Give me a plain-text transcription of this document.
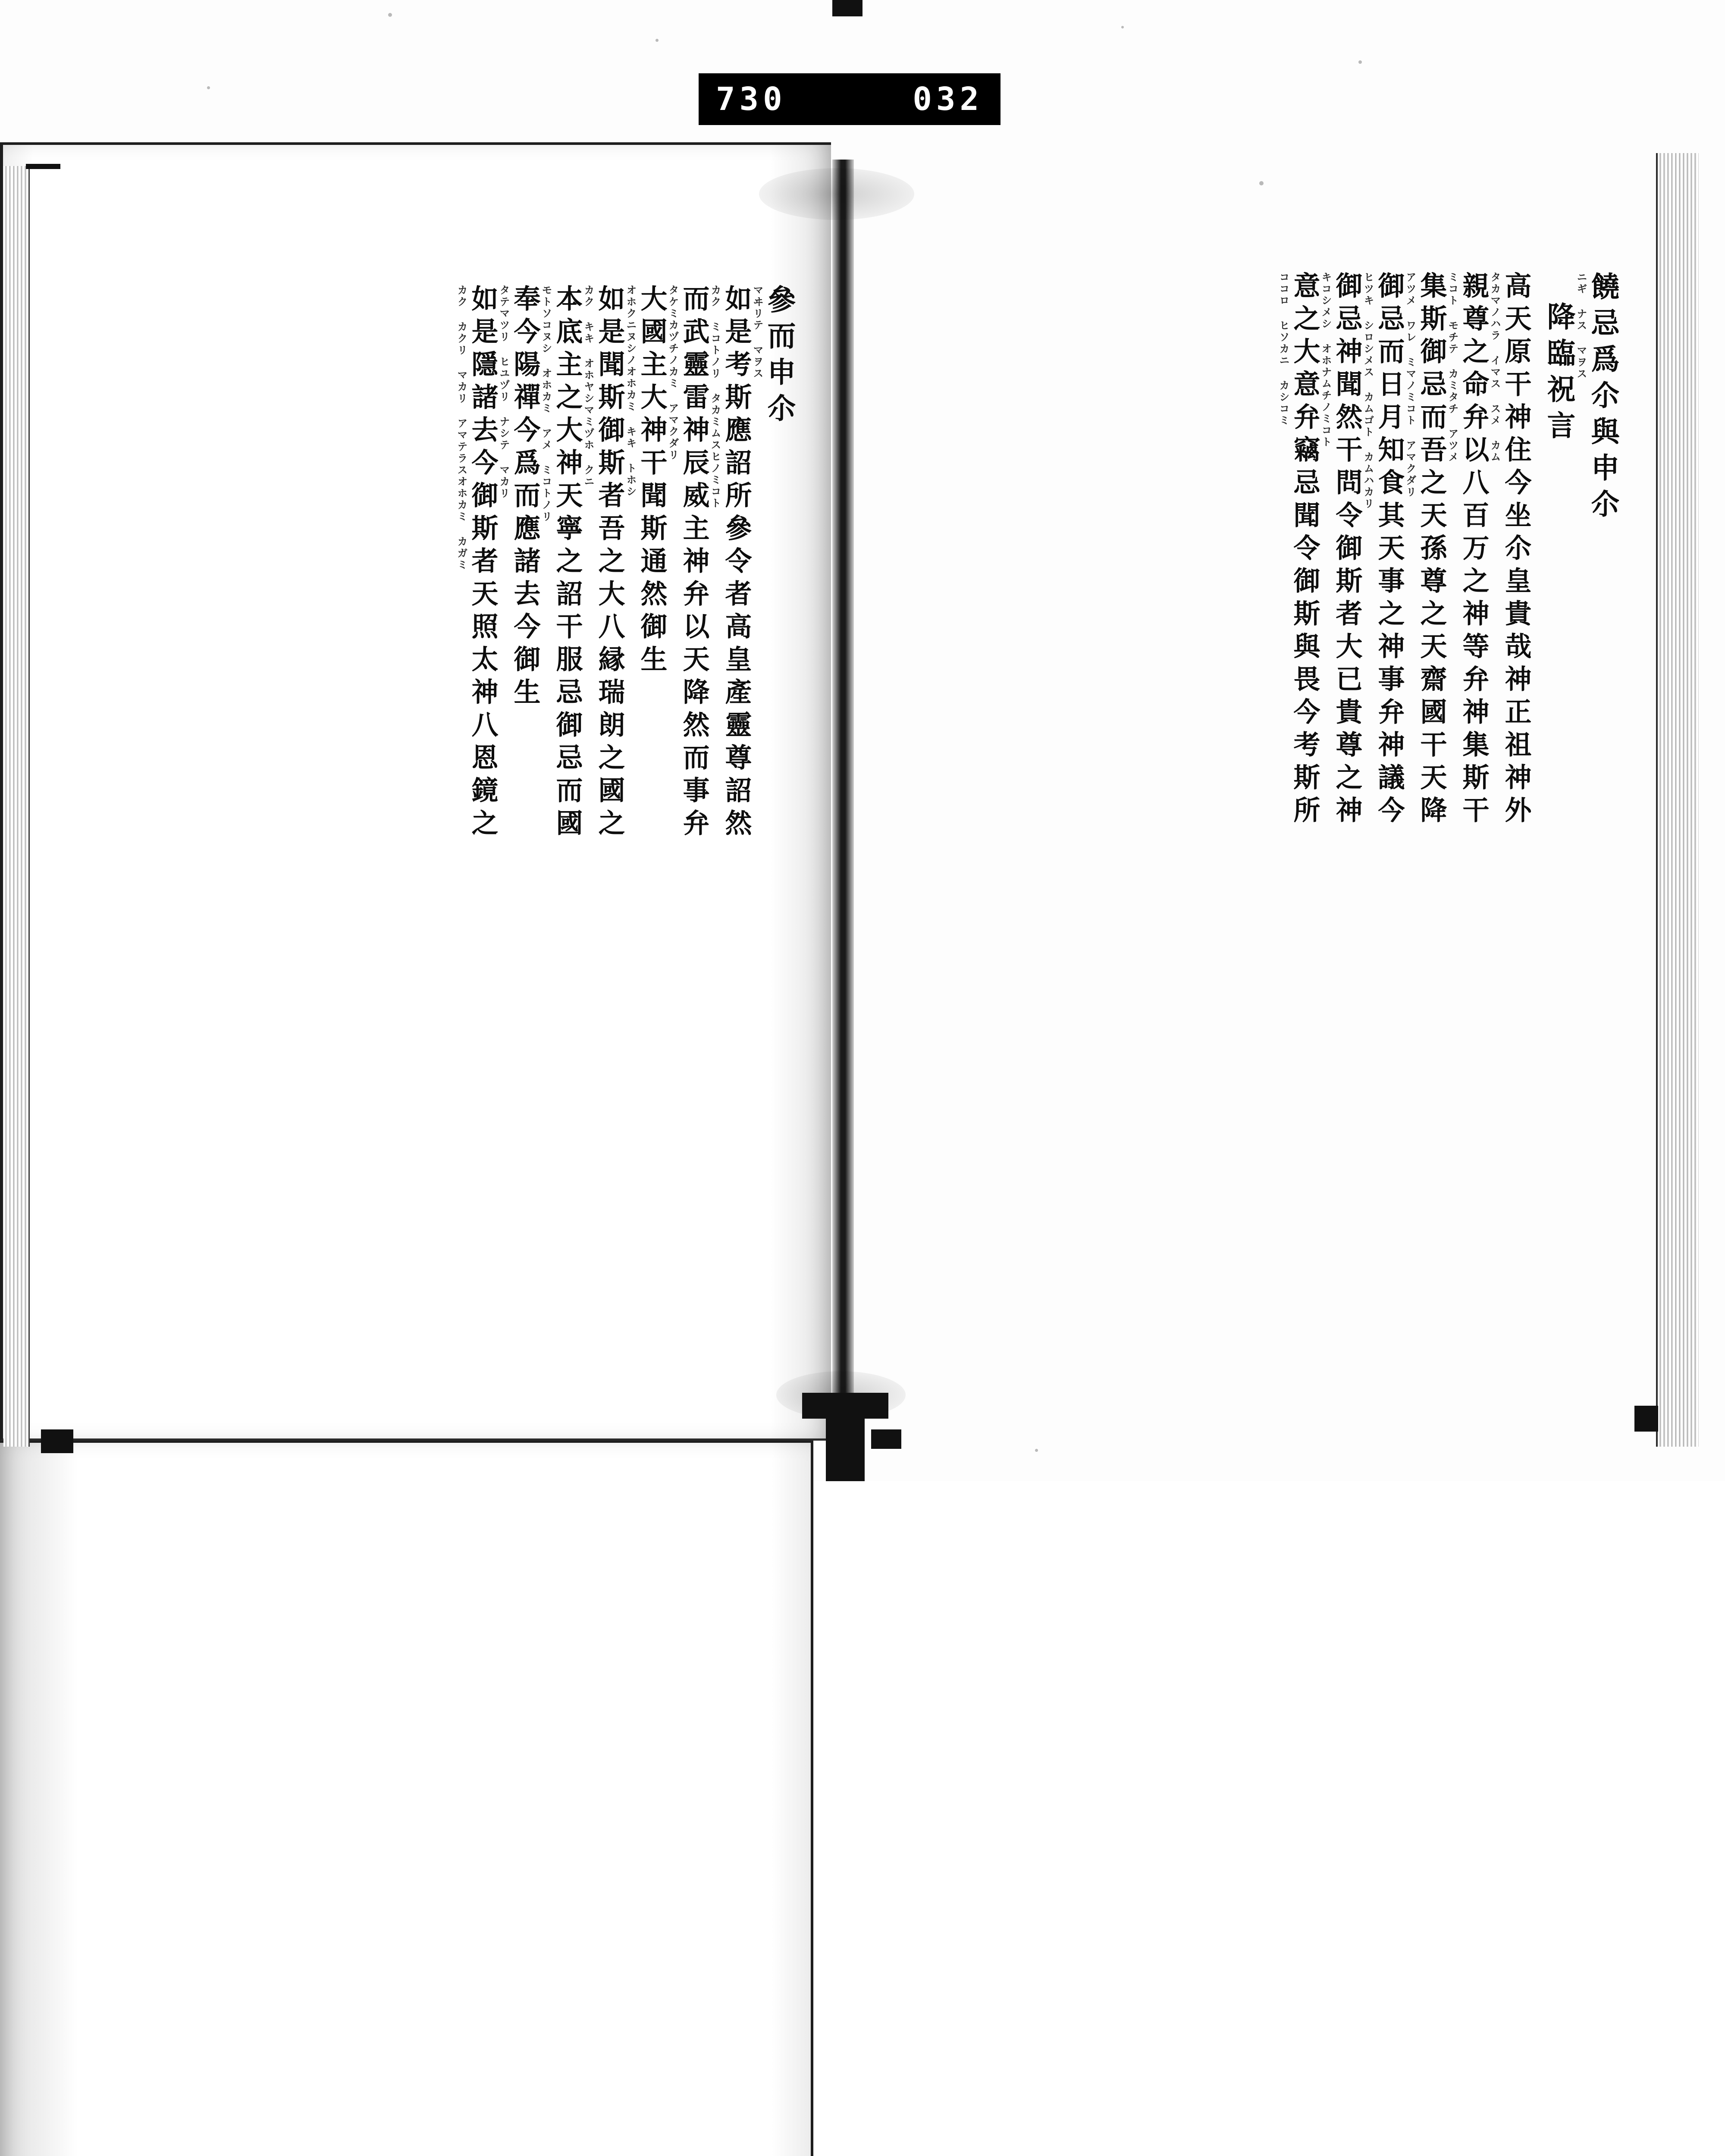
730	032
ニギ ナス マヲス
饒忌爲尒與申尒
降臨祝言
タカマノハラ イマス スメ カム 高天原干神住今坐尒皇貴哉神正祖神外
ミコト モチテ カミタチ アツメ 親尊之命弁以八百万之神等弁神集斯干
アツメ ワレ ミマノミコト アマクダリ 集斯御忌而吾之天孫尊之天齋國干天降
ヒツキ シロシメス カムゴト カムハカリ 御忌而日月知食其天事之神事弁神議今
キコシメシ オホナムチノミコト 御忌神聞然干問令御斯者大已貴尊之神
ココロ ヒソカニ カシコミ 意之大意弁竊忌聞令御斯與畏今考斯所
マヰリテ マヲス
參而申尒
カク ミコトノリ タカミムスヒノミコト 如是考斯應詔所參令者高皇產靈尊詔然
タケミカヅチノカミ アマクダリ 而武靈雷神辰威主神弁以天降然而事弁
オホクニヌシノオホカミ キキ トホシ 大國主大神干聞斯通然御生
カク キキ オホヤシマミヅホ クニ 如是聞斯御斯者吾之大八縁瑞朗之國之
モトソコヌシ オホカミ アメ ミコトノリ 本底主之大神天寧之詔干服忌御忌而國
タテマツリ ヒユヅリ ナシテ マカリ 奉今陽禪今爲而應諸去今御生
カク カクリ マカリ アマテラスオホカミ カガミ 如是隱諸去今御斯者天照太神八恩鏡之
